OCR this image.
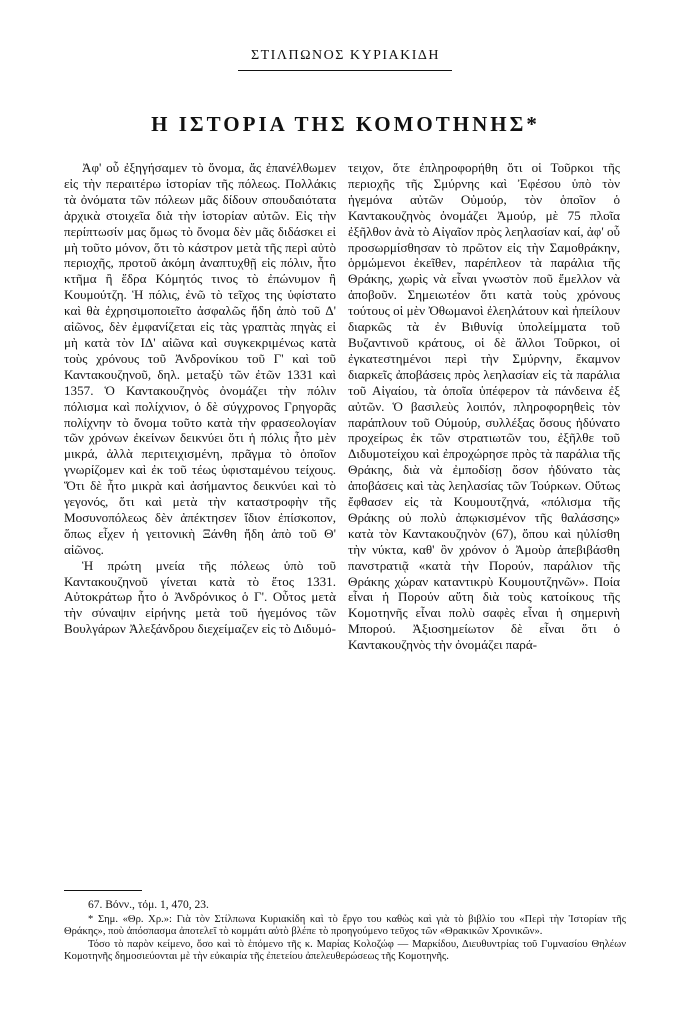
ΣΤΙΛΠΩΝΟΣ ΚΥΡΙΑΚΙΔΗ
Η ΙΣΤΟΡΙΑ ΤΗΣ ΚΟΜΟΤΗΝΗΣ*

Ἀφ' οὗ ἐξηγήσαμεν τὸ ὄνομα, ἄς ἐπανέλθωμεν εἰς τὴν περαιτέρω ἱστορίαν τῆς πόλεως. Πολλάκις τὰ ὀνόματα τῶν πόλεων μᾶς δίδουν σπουδαιότατα ἀρχικὰ στοιχεῖα διὰ τὴν ἱστορίαν αὐτῶν. Εἰς τὴν περίπτωσίν μας ὅμως τὸ ὄνομα δὲν μᾶς διδάσκει εἰ μὴ τοῦτο μόνον, ὅτι τὸ κάστρον μετὰ τῆς περὶ αὐτὸ περιοχῆς, προτοῦ ἀκόμη ἀναπτυχθῇ εἰς πόλιν, ἦτο κτῆμα ἢ ἕδρα Κόμητός τινος τὸ ἐπώνυμον ἢ Κουμούτζη. Ἡ πόλις, ἐνῶ τὸ τεῖχος της ὑφίστατο καὶ θὰ ἐχρησιμοποιεῖτο ἀσφαλῶς ἤδη ἀπὸ τοῦ Δ' αἰῶνος, δὲν ἐμφανίζεται εἰς τὰς γραπτὰς πηγὰς εἰ μὴ κατὰ τὸν ΙΔ' αἰῶνα καὶ συγκεκριμένως κατὰ τοὺς χρόνους τοῦ Ἀνδρονίκου τοῦ Γ' καὶ τοῦ Καντακουζηνοῦ, δηλ. μεταξὺ τῶν ἐτῶν 1331 καὶ 1357. Ὁ Καντακουζηνὸς ὀνομάζει τὴν πόλιν πόλισμα καὶ πολίχνιον, ὁ δὲ σύγχρονος Γρηγορᾶς πολίχνην τὸ ὄνομα τοῦτο κατὰ τὴν φρασεολογίαν τῶν χρόνων ἐκείνων δεικνύει ὅτι ἡ πόλις ἦτο μὲν μικρά, ἀλλὰ περιτειχισμένη, πρᾶγμα τὸ ὁποῖον γνωρίζομεν καὶ ἐκ τοῦ τέως ὑφισταμένου τείχους. Ὅτι δὲ ἦτο μικρὰ καὶ ἀσήμαντος δεικνύει καὶ τὸ γεγονός, ὅτι καὶ μετὰ τὴν καταστροφὴν τῆς Μοσυνοπόλεως δὲν ἀπέκτησεν ἴδιον ἐπίσκοπον, ὅπως εἶχεν ἡ γειτονικὴ Ξάνθη ἤδη ἀπὸ τοῦ Θ' αἰῶνος.

Ἡ πρώτη μνεία τῆς πόλεως ὑπὸ τοῦ Καντακουζηνοῦ γίνεται κατὰ τὸ ἔτος 1331. Αὐτοκράτωρ ἦτο ὁ Ἀνδρόνικος ὁ Γ'. Οὗτος μετὰ τὴν σύναψιν εἰρήνης μετὰ τοῦ ἡγεμόνος τῶν Βουλγάρων Ἀλεξάνδρου διεχείμαζεν εἰς τὸ Διδυμό-

τειχον, ὅτε ἐπληροφορήθη ὅτι οἱ Τοῦρκοι τῆς περιοχῆς τῆς Σμύρνης καὶ Ἐφέσου ὑπὸ τὸν ἡγεμόνα αὐτῶν Οὐμούρ, τὸν ὁποῖον ὁ Καντακουζηνὸς ὀνομάζει Ἀμούρ, μὲ 75 πλοῖα ἐξῆλθον ἀνὰ τὸ Αἰγαῖον πρὸς λεηλασίαν καί, ἀφ' οὗ προσωρμίσθησαν τὸ πρῶτον εἰς τὴν Σαμοθράκην, ὁρμώμενοι ἐκεῖθεν, παρέπλεον τὰ παράλια τῆς Θράκης, χωρὶς νὰ εἶναι γνωστὸν ποῦ ἔμελλον νὰ ἀποβοῦν. Σημειωτέον ὅτι κατὰ τοὺς χρόνους τούτους οἱ μὲν Ὀθωμανοὶ ἐλεηλάτουν καὶ ἠπείλουν διαρκῶς τὰ ἐν Βιθυνίᾳ ὑπολείμματα τοῦ Βυζαντινοῦ κράτους, οἱ δὲ ἄλλοι Τοῦρκοι, οἱ ἐγκατεστημένοι περὶ τὴν Σμύρνην, ἔκαμνον διαρκεῖς ἀποβάσεις πρὸς λεηλασίαν εἰς τὰ παράλια τοῦ Αἰγαίου, τὰ ὁποῖα ὑπέφερον τὰ πάνδεινα ἐξ αὐτῶν. Ὁ βασιλεὺς λοιπόν, πληροφορηθεὶς τὸν παράπλουν τοῦ Ούμούρ, συλλέξας ὅσους ἠδύνατο προχείρως ἐκ τῶν στρατιωτῶν του, ἐξῆλθε τοῦ Διδυμοτείχου καὶ ἐπροχώρησε πρὸς τὰ παράλια τῆς Θράκης, διὰ νὰ ἐμποδίσῃ ὅσον ἠδύνατο τὰς ἀποβάσεις καὶ τὰς λεηλασίας τῶν Τούρκων. Οὕτως ἔφθασεν εἰς τὰ Κουμουτζηνά, «πόλισμα τῆς Θράκης οὐ πολὺ ἀπῳκισμένον τῆς θαλάσσης» κατὰ τὸν Καντακουζηνὸν (67), ὅπου καὶ ηὐλίσθη τὴν νύκτα, καθ' ὃν χρόνον ὁ Ἀμοὺρ ἀπεβιβάσθη πανστρατιᾷ «κατὰ τὴν Πορούν, παράλιον τῆς Θράκης χώραν καταντικρὺ Κουμουτζηνῶν». Ποία εἶναι ἡ Πορούν αὕτη διὰ τοὺς κατοίκους τῆς Κομοτηνῆς εἶναι πολὺ σαφὲς εἶναι ἡ σημερινὴ Μπορού. Ἀξιοσημείωτον δὲ εἶναι ὅτι ὁ Καντακουζηνὸς τὴν ὀνομάζει παρά-

67. Βόνν., τόμ. 1, 470, 23.

* Σημ. «Θρ. Χρ.»: Γιὰ τὸν Στίλπωνα Κυριακίδη καὶ τὸ ἔργο του καθὼς καὶ γιὰ τὸ βιβλίο του «Περὶ τὴν Ἱστορίαν τῆς Θράκης», ποὺ ἀπόσπασμα ἀποτελεῖ τὸ κομμάτι αὐτὸ βλέπε τὸ προηγούμενο τεῦχος τῶν «Θρακικῶν Χρονικῶν».

Τόσο τὸ παρὸν κείμενο, ὅσο καὶ τὸ ἑπόμενο τῆς κ. Μαρίας Κολοζώφ — Μαρκίδου, Διευθυντρίας τοῦ Γυμνασίου Θηλέων Κομοτηνῆς δημοσιεύονται μὲ τὴν εὐκαιρία τῆς ἐπετείου ἀπελευθερώσεως τῆς Κομοτηνῆς.
